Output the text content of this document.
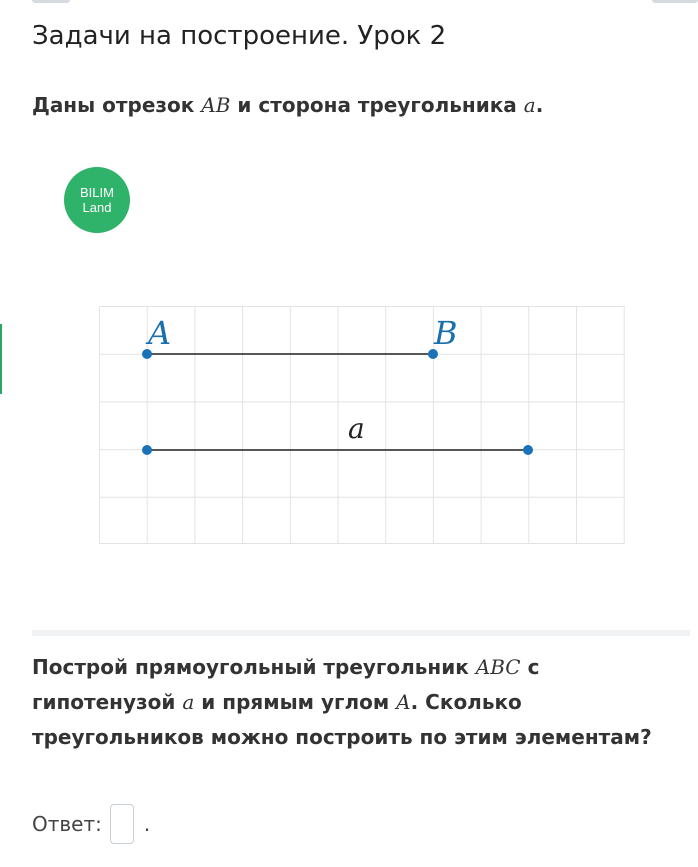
Задачи на построение. Урок 2
Даны отрезок AB и сторона треугольника a.
BILIM
Land
A	B
a
Построй прямоугольный треугольник ABC с гипотенузой a и прямым углом A. Сколько треугольников можно построить по этим элементам?
Ответ: .
